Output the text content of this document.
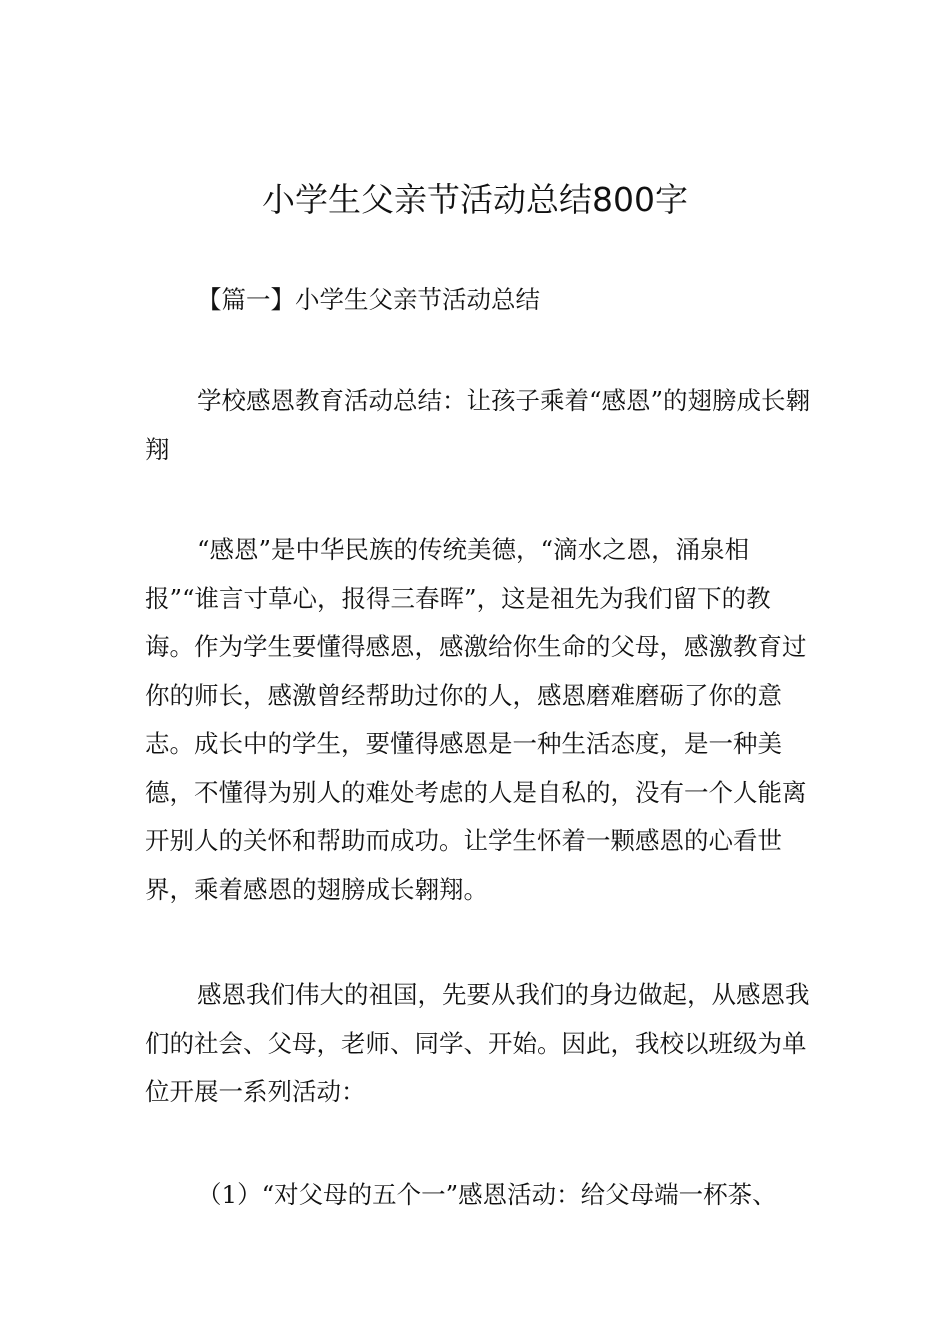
小学生父亲节活动总结800字

【篇一】小学生父亲节活动总结

学校感恩教育活动总结：让孩子乘着“感恩”的翅膀成长翱翔

“感恩”是中华民族的传统美德，“滴水之恩，涌泉相报”“谁言寸草心，报得三春晖”，这是祖先为我们留下的教诲。作为学生要懂得感恩，感激给你生命的父母，感激教育过你的师长，感激曾经帮助过你的人，感恩磨难磨砺了你的意志。成长中的学生，要懂得感恩是一种生活态度，是一种美德，不懂得为别人的难处考虑的人是自私的，没有一个人能离开别人的关怀和帮助而成功。让学生怀着一颗感恩的心看世界，乘着感恩的翅膀成长翱翔。

感恩我们伟大的祖国，先要从我们的身边做起，从感恩我们的社会、父母，老师、同学、开始。因此，我校以班级为单位开展一系列活动：

（1）“对父母的五个一”感恩活动：给父母端一杯茶、
